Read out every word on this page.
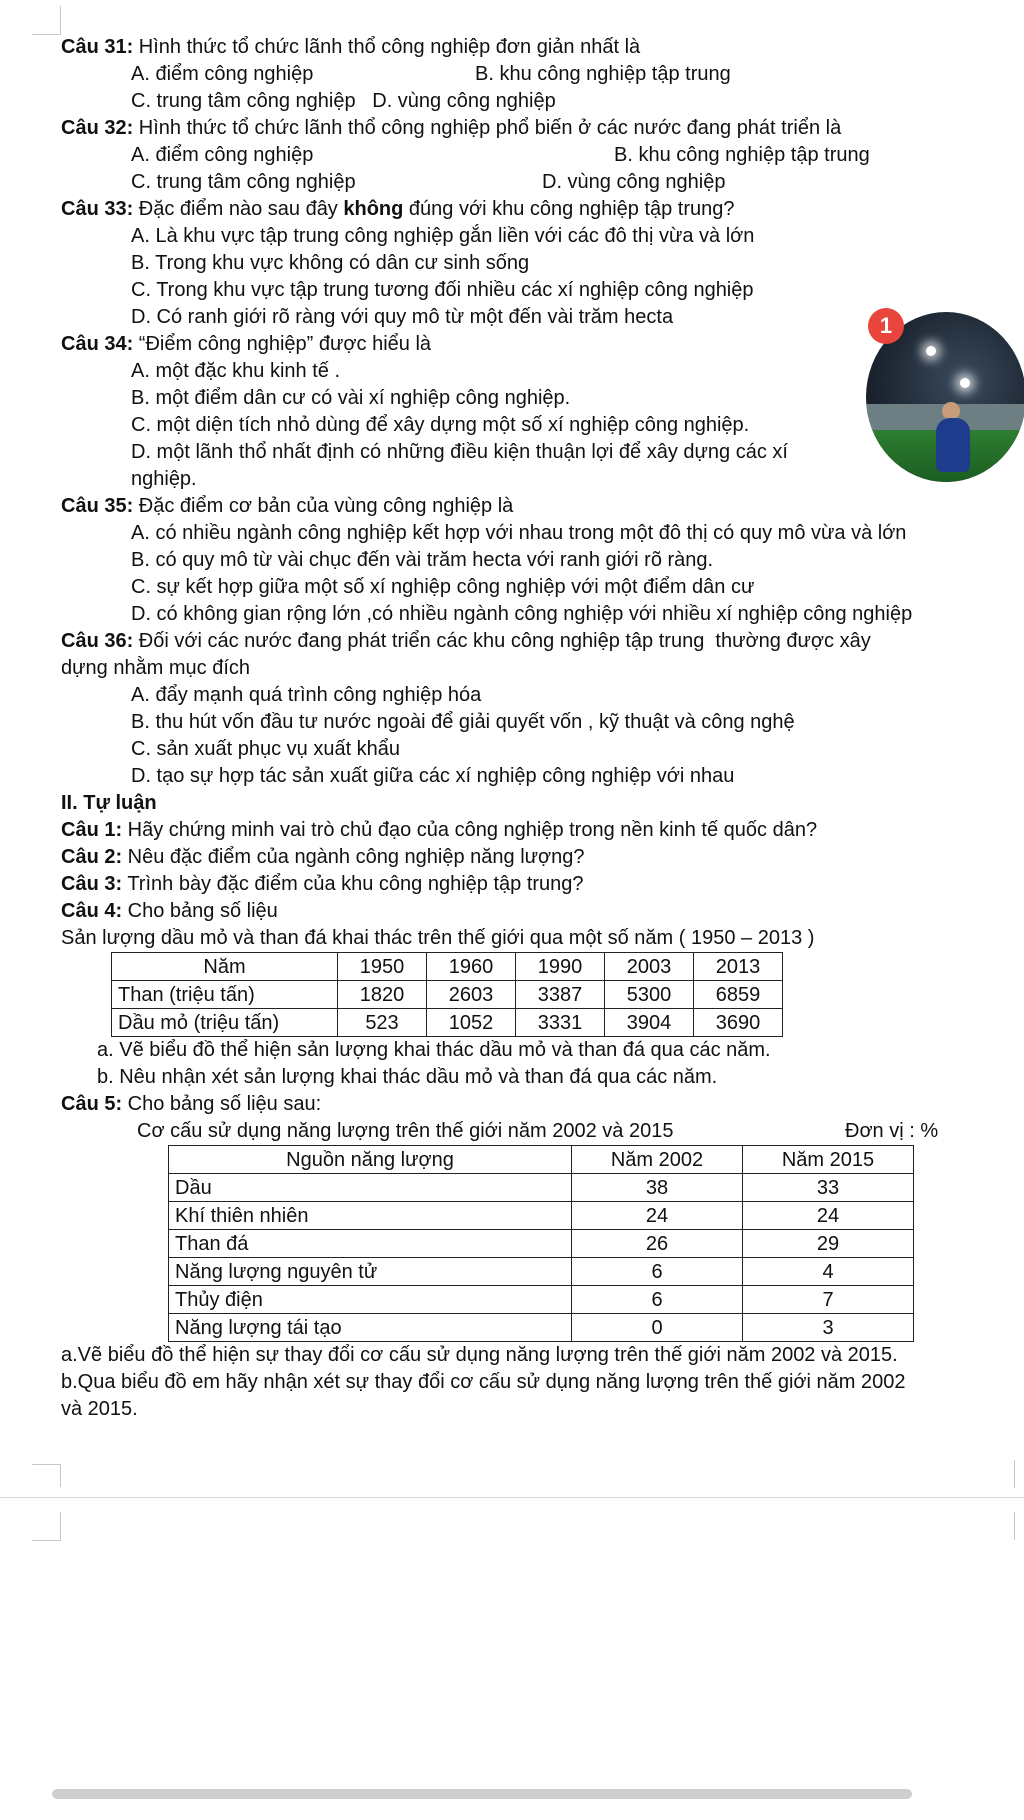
Câu 31: Hình thức tổ chức lãnh thổ công nghiệp đơn giản nhất là
A. điểm công nghiệp	B. khu công nghiệp tập trung
C. trung tâm công nghiệp   D. vùng công nghiệp
Câu 32: Hình thức tổ chức lãnh thổ công nghiệp phổ biến ở các nước đang phát triển là
A. điểm công nghiệp	B. khu công nghiệp tập trung
C. trung tâm công nghiệp	D. vùng công nghiệp
Câu 33: Đặc điểm nào sau đây không đúng với khu công nghiệp tập trung?
A. Là khu vực tập trung công nghiệp gắn liền với các đô thị vừa và lớn
B. Trong khu vực không có dân cư sinh sống
C. Trong khu vực tập trung tương đối nhiều các xí nghiệp công nghiệp
D. Có ranh giới rõ ràng với quy mô từ một đến vài trăm hecta
Câu 34: “Điểm công nghiệp” được hiểu là
A. một đặc khu kinh tế .
B. một điểm dân cư có vài xí nghiệp công nghiệp.
C. một diện tích nhỏ dùng để xây dựng một số xí nghiệp công nghiệp.
D. một lãnh thổ nhất định có những điều kiện thuận lợi để xây dựng các xí
nghiệp.
Câu 35: Đặc điểm cơ bản của vùng công nghiệp là
A. có nhiều ngành công nghiệp kết hợp với nhau trong một đô thị có quy mô vừa và lớn
B. có quy mô từ vài chục đến vài trăm hecta với ranh giới rõ ràng.
C. sự kết hợp giữa một số xí nghiệp công nghiệp với một điểm dân cư
D. có không gian rộng lớn ,có nhiều ngành công nghiệp với nhiều xí nghiệp công nghiệp
Câu 36: Đối với các nước đang phát triển các khu công nghiệp tập trung  thường được xây
dựng nhằm mục đích
A. đẩy mạnh quá trình công nghiệp hóa
B. thu hút vốn đầu tư nước ngoài để giải quyết vốn , kỹ thuật và công nghệ
C. sản xuất phục vụ xuất khẩu
D. tạo sự hợp tác sản xuất giữa các xí nghiệp công nghiệp với nhau
II. Tự luận
Câu 1: Hãy chứng minh vai trò chủ đạo của công nghiệp trong nền kinh tế quốc dân?
Câu 2: Nêu đặc điểm của ngành công nghiệp năng lượng?
Câu 3: Trình bày đặc điểm của khu công nghiệp tập trung?
Câu 4: Cho bảng số liệu
Sản lượng dầu mỏ và than đá khai thác trên thế giới qua một số năm ( 1950 – 2013 )
Năm	1950	1960	1990	2003	2013
Than (triệu tấn)	1820	2603	3387	5300	6859
Dầu mỏ (triệu tấn)	523	1052	3331	3904	3690
a. Vẽ biểu đồ thể hiện sản lượng khai thác dầu mỏ và than đá qua các năm.
b. Nêu nhận xét sản lượng khai thác dầu mỏ và than đá qua các năm.
Câu 5: Cho bảng số liệu sau:
Cơ cấu sử dụng năng lượng trên thế giới năm 2002 và 2015	Đơn vị : %
Nguồn năng lượng	Năm 2002	Năm 2015
Dầu	38	33
Khí thiên nhiên	24	24
Than đá	26	29
Năng lượng nguyên tử	6	4
Thủy điện	6	7
Năng lượng tái tạo	0	3
a.Vẽ biểu đồ thể hiện sự thay đổi cơ cấu sử dụng năng lượng trên thế giới năm 2002 và 2015.
b.Qua biểu đồ em hãy nhận xét sự thay đổi cơ cấu sử dụng năng lượng trên thế giới năm 2002
và 2015.
1
